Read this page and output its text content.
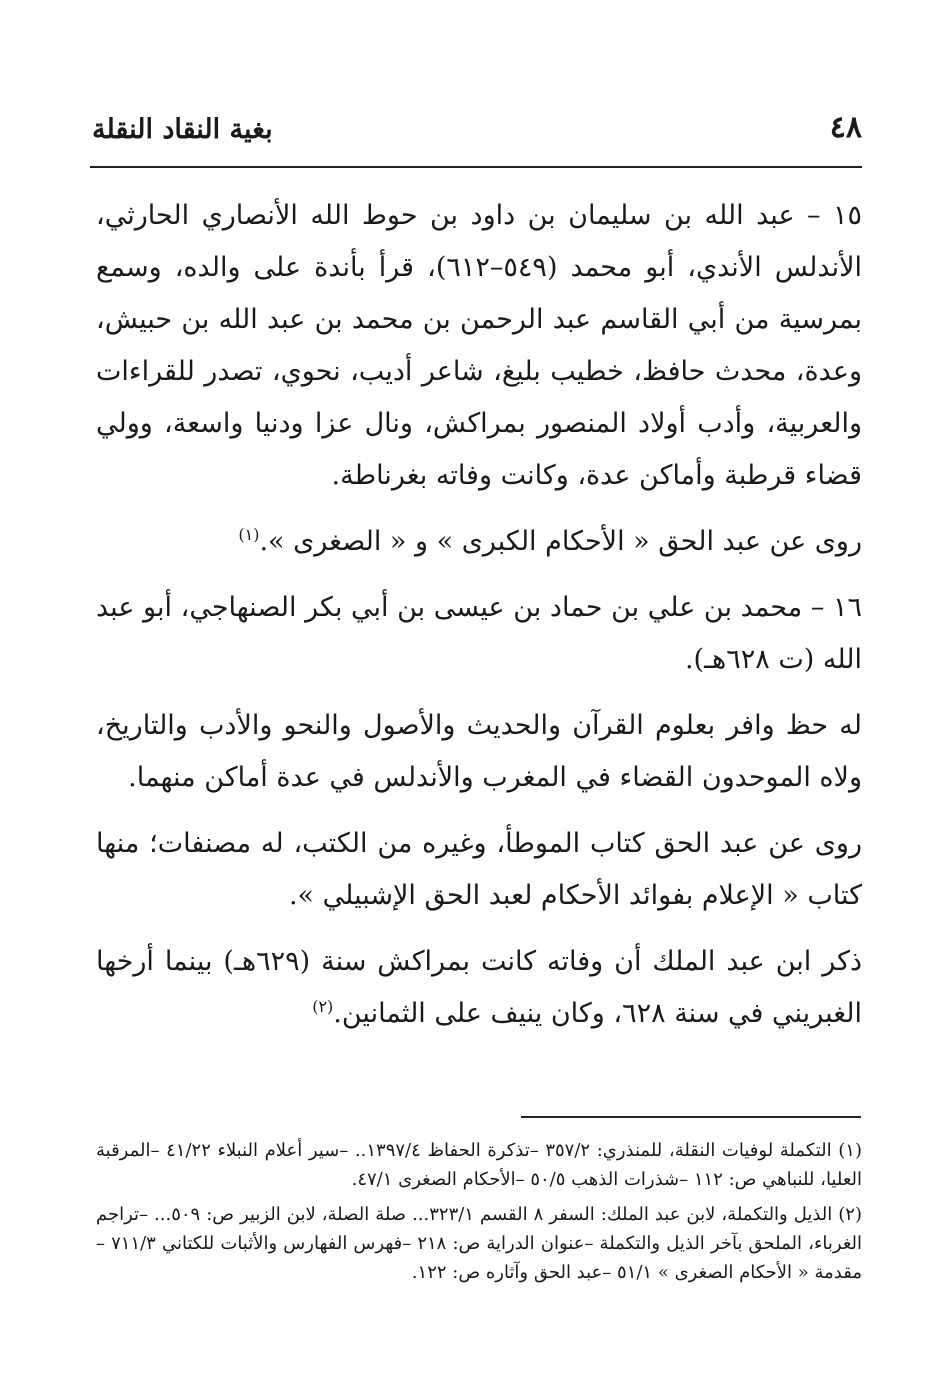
٤٨
بغية النقاد النقلة

١٥ – عبد الله بن سليمان بن داود بن حوط الله الأنصاري الحارثي، الأندلس الأندي، أبو محمد (٥٤٩–٦١٢)، قرأ بأندة على والده، وسمع بمرسية من أبي القاسم عبد الرحمن بن محمد بن عبد الله بن حبيش، وعدة، محدث حافظ، خطيب بليغ، شاعر أديب، نحوي، تصدر للقراءات والعربية، وأدب أولاد المنصور بمراكش، ونال عزا ودنيا واسعة، وولي قضاء قرطبة وأماكن عدة، وكانت وفاته بغرناطة.

روى عن عبد الحق « الأحكام الكبرى » و « الصغرى ».$^{(١)}$

١٦ – محمد بن علي بن حماد بن عيسى بن أبي بكر الصنهاجي، أبو عبد الله (ت ٦٢٨هـ).

له حظ وافر بعلوم القرآن والحديث والأصول والنحو والأدب والتاريخ، ولاه الموحدون القضاء في المغرب والأندلس في عدة أماكن منهما.

روى عن عبد الحق كتاب الموطأ، وغيره من الكتب، له مصنفات؛ منها كتاب « الإعلام بفوائد الأحكام لعبد الحق الإشبيلي ».

ذكر ابن عبد الملك أن وفاته كانت بمراكش سنة (٦٢٩هـ) بينما أرخها الغبريني في سنة ٦٢٨، وكان ينيف على الثمانين.$^{(٢)}$

(١) التكملة لوفيات النقلة، للمنذري: ٣٥٧/٢ –تذكرة الحفاظ ١٣٩٧/٤.. –سير أعلام النبلاء ٤١/٢٢ –المرقبة العليا، للنباهي ص: ١١٢ –شذرات الذهب ٥٠/٥ –الأحكام الصغرى ٤٧/١.

(٢) الذيل والتكملة، لابن عبد الملك: السفر ٨ القسم ٣٢٣/١... صلة الصلة، لابن الزبير ص: ٥٠٩... –تراجم الغرباء، الملحق بآخر الذيل والتكملة –عنوان الدراية ص: ٢١٨ –فهرس الفهارس والأثبات للكتاني ٧١١/٣ –مقدمة « الأحكام الصغرى » ٥١/١ –عبد الحق وآثاره ص: ١٢٢.
